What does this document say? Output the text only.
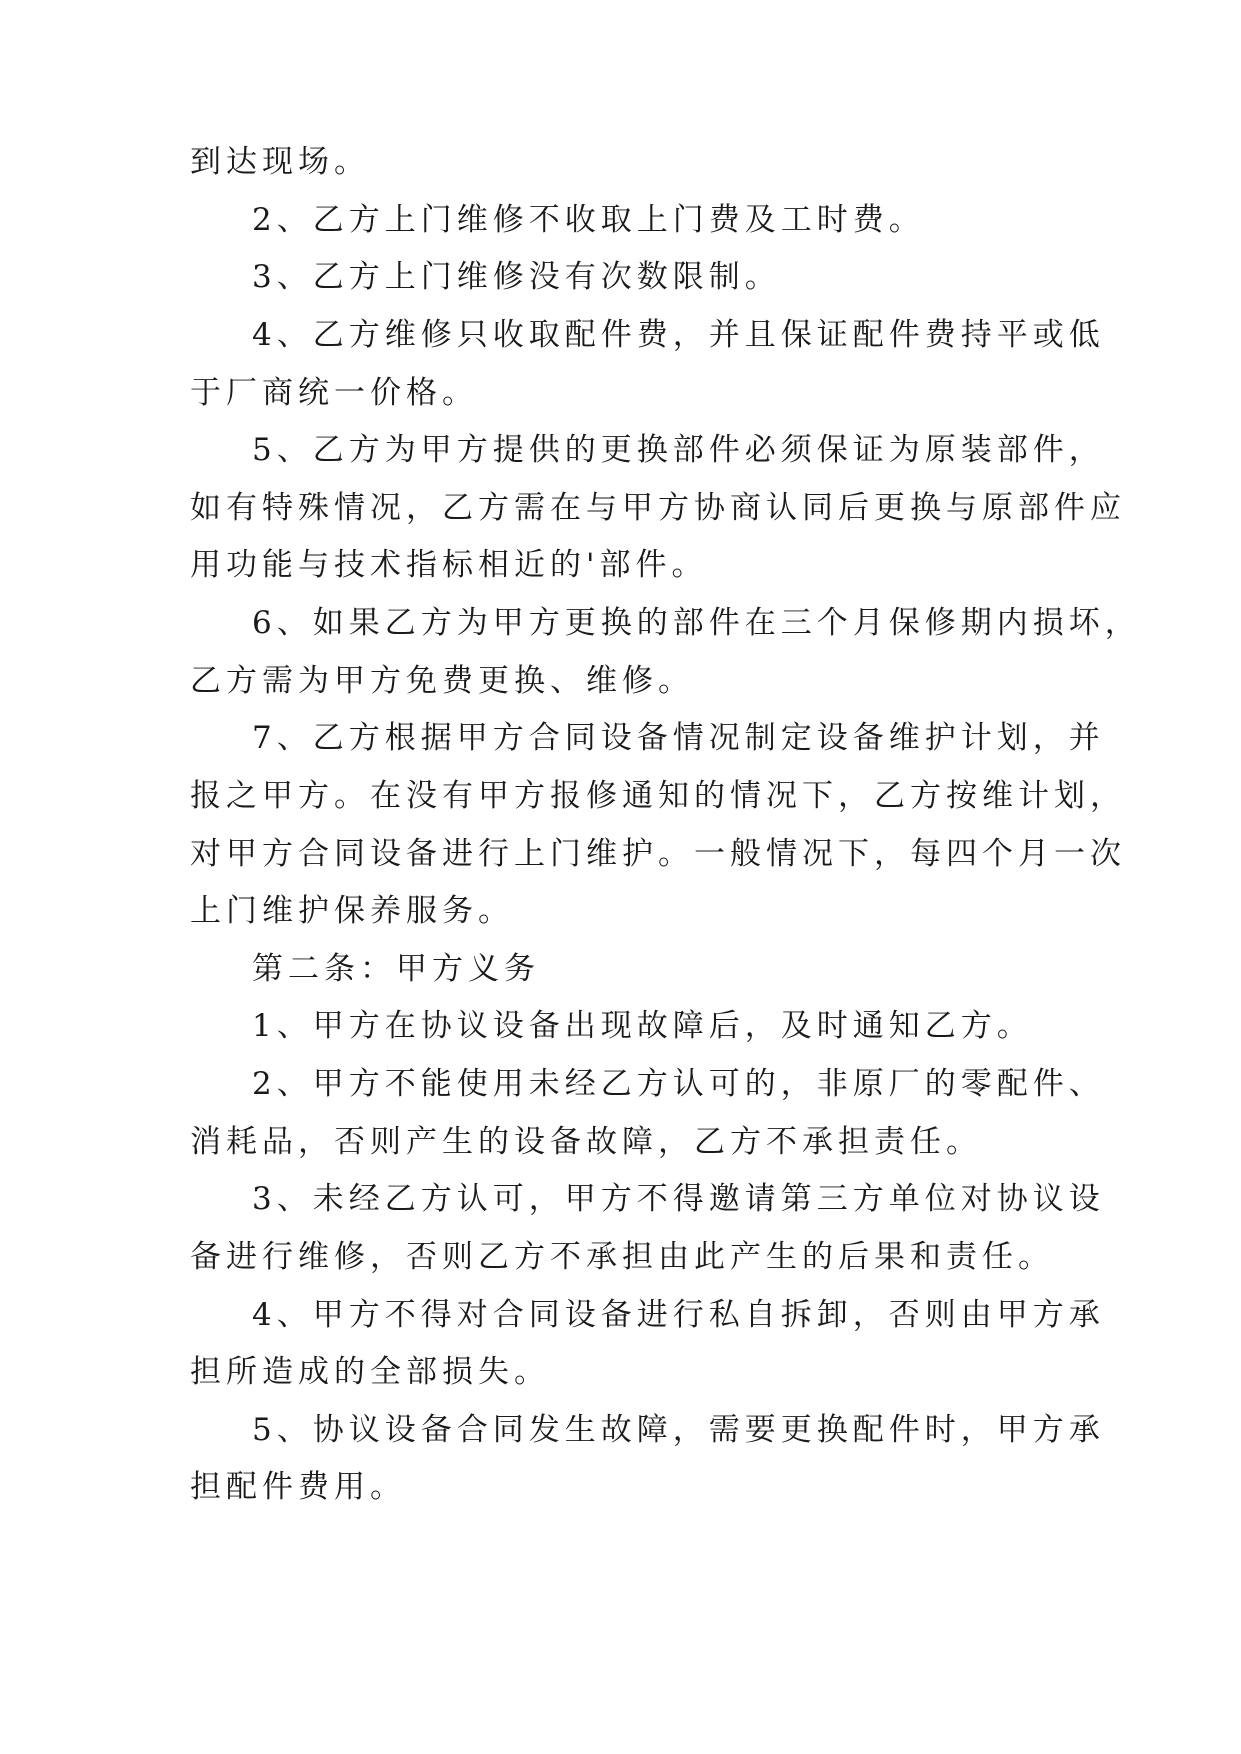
到达现场。
2、乙方上门维修不收取上门费及工时费。
3、乙方上门维修没有次数限制。
4、乙方维修只收取配件费，并且保证配件费持平或低
于厂商统一价格。
5、乙方为甲方提供的更换部件必须保证为原装部件，
如有特殊情况，乙方需在与甲方协商认同后更换与原部件应
用功能与技术指标相近的'部件。
6、如果乙方为甲方更换的部件在三个月保修期内损坏，
乙方需为甲方免费更换、维修。
7、乙方根据甲方合同设备情况制定设备维护计划，并
报之甲方。在没有甲方报修通知的情况下，乙方按维计划，
对甲方合同设备进行上门维护。一般情况下，每四个月一次
上门维护保养服务。
第二条：甲方义务
1、甲方在协议设备出现故障后，及时通知乙方。
2、甲方不能使用未经乙方认可的，非原厂的零配件、
消耗品，否则产生的设备故障，乙方不承担责任。
3、未经乙方认可，甲方不得邀请第三方单位对协议设
备进行维修，否则乙方不承担由此产生的后果和责任。
4、甲方不得对合同设备进行私自拆卸，否则由甲方承
担所造成的全部损失。
5、协议设备合同发生故障，需要更换配件时，甲方承
担配件费用。
